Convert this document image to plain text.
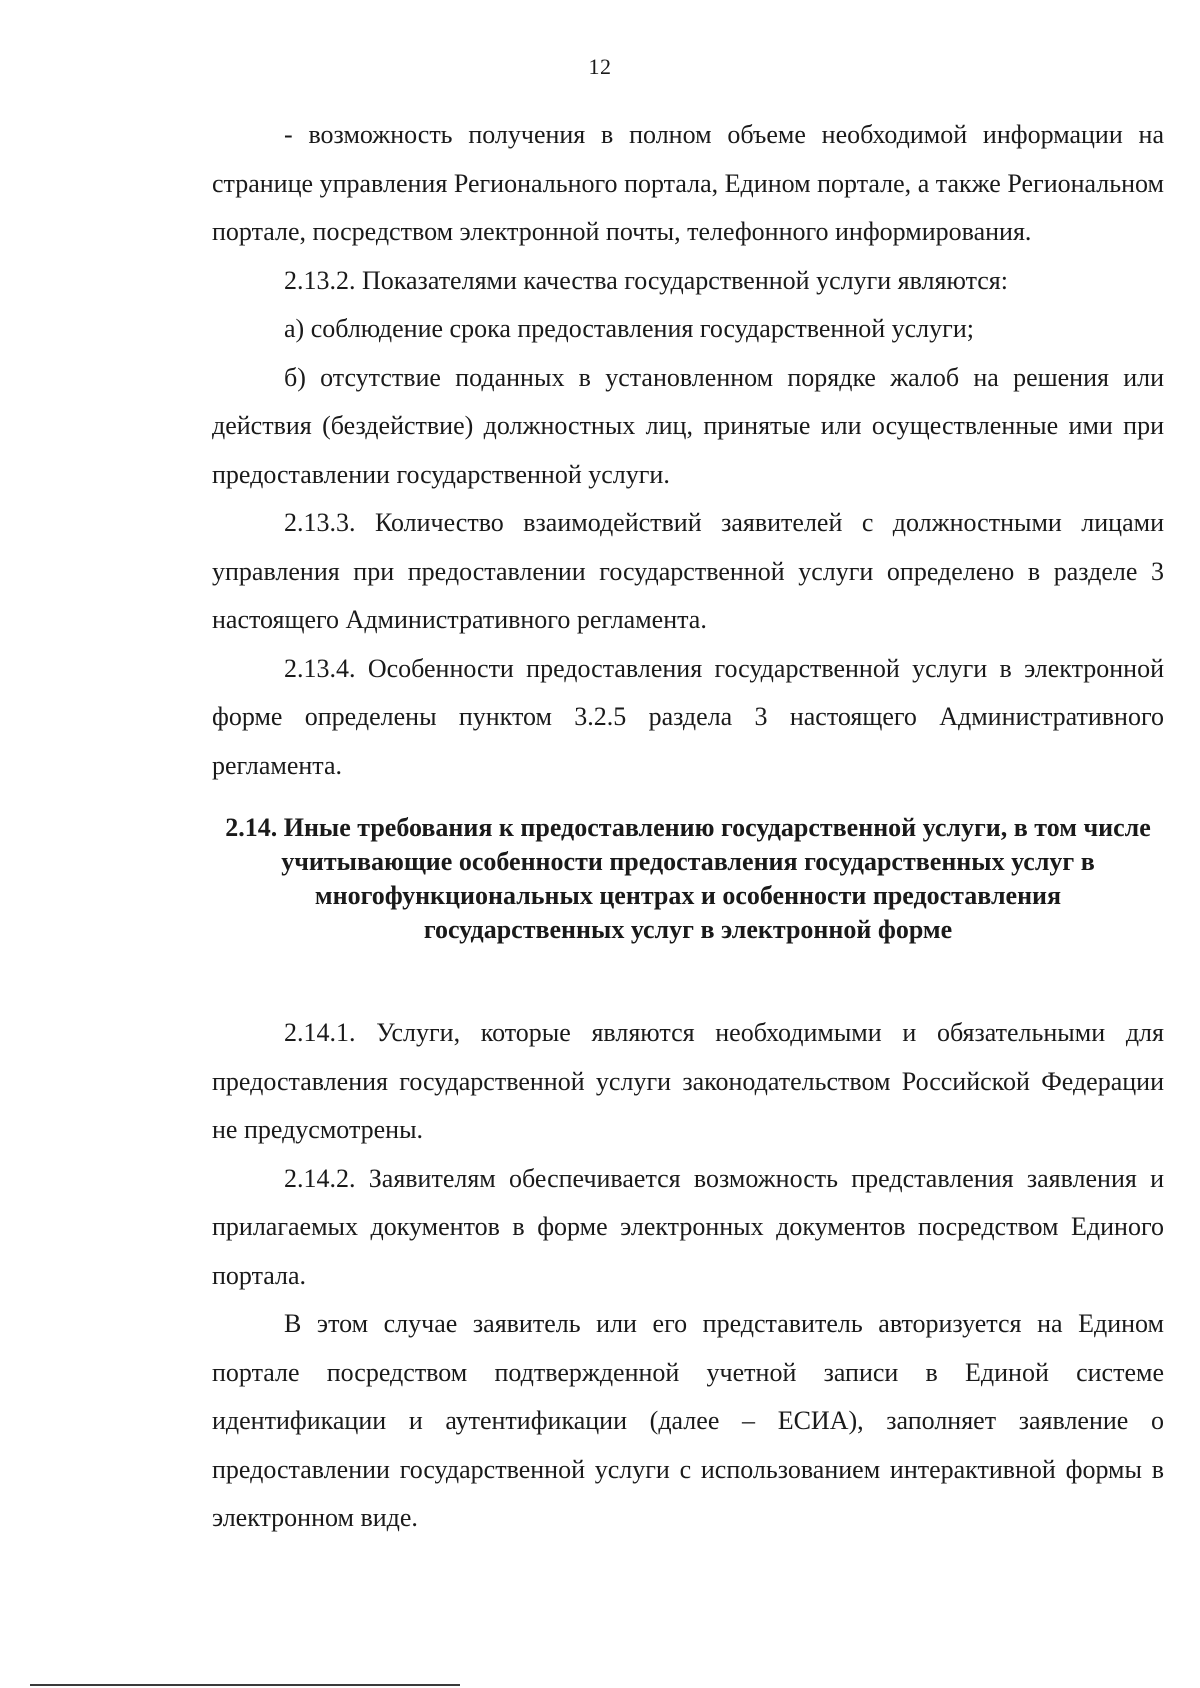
12

- возможность получения в полном объеме необходимой информации на странице управления Регионального портала, Едином портале, а также Региональном портале, посредством электронной почты, телефонного информирования.

2.13.2. Показателями качества государственной услуги являются:

а) соблюдение срока предоставления государственной услуги;

б) отсутствие поданных в установленном порядке жалоб на решения или действия (бездействие) должностных лиц, принятые или осуществленные ими при предоставлении государственной услуги.

2.13.3. Количество взаимодействий заявителей с должностными лицами управления при предоставлении государственной услуги определено в разделе 3 настоящего Административного регламента.

2.13.4. Особенности предоставления государственной услуги в электронной форме определены пунктом 3.2.5 раздела 3 настоящего Административного регламента.

2.14. Иные требования к предоставлению государственной услуги, в том числе учитывающие особенности предоставления государственных услуг в многофункциональных центрах и особенности предоставления государственных услуг в электронной форме

2.14.1. Услуги, которые являются необходимыми и обязательными для предоставления государственной услуги законодательством Российской Федерации не предусмотрены.

2.14.2. Заявителям обеспечивается возможность представления заявления и прилагаемых документов в форме электронных документов посредством Единого портала.

В этом случае заявитель или его представитель авторизуется на Едином портале посредством подтвержденной учетной записи в Единой системе идентификации и аутентификации (далее – ЕСИА), заполняет заявление о предоставлении государственной услуги с использованием интерактивной формы в электронном виде.
